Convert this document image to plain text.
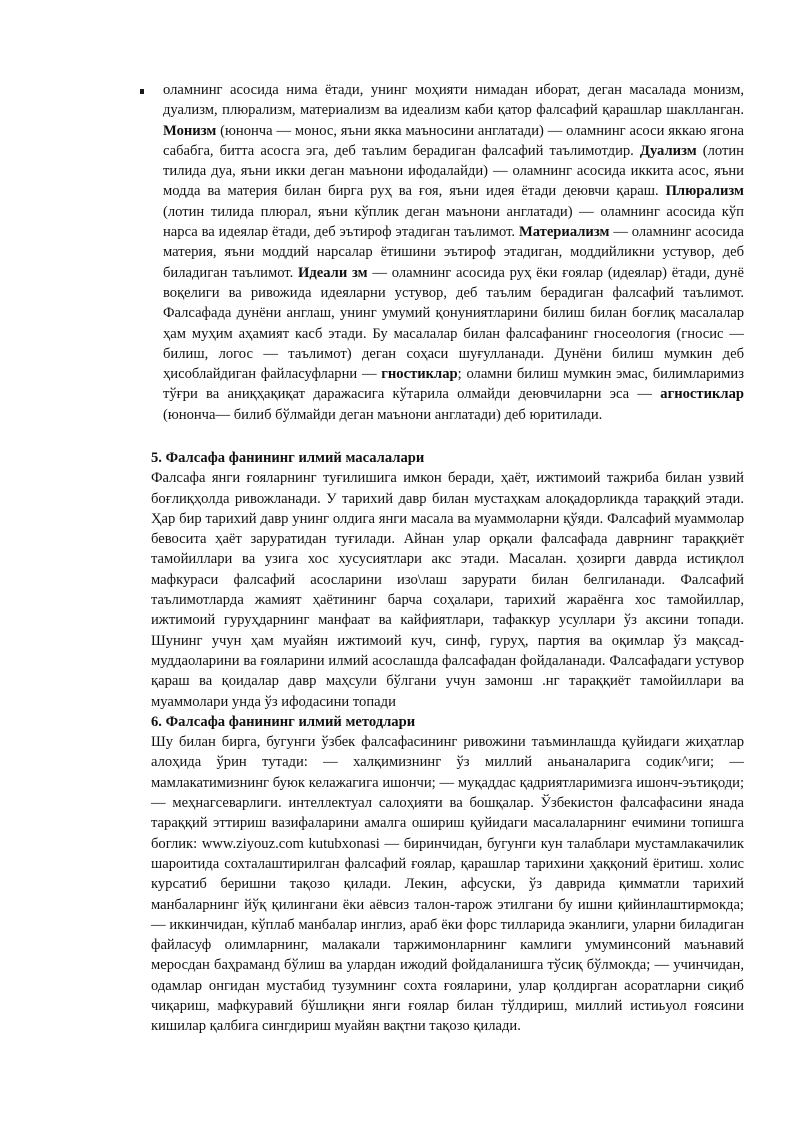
оламнинг асосида нима ётади, унинг моҳияти нимадан иборат, деган масалада монизм, дуализм, плюрализм, материализм ва идеализм каби қатор фалсафий қарашлар шаклланган. Монизм (юнонча — монос, яъни якка маъносини англатади) — оламнинг асоси яккаю ягона сабабга, битта асосга эга, деб таълим берадиган фалсафий таълимотдир. Дуализм (лотин тилида дуа, яъни икки деган маънони ифодалайди) — оламнинг асосида иккита асос, яъни модда ва материя билан бирга руҳ ва ғоя, яъни идея ётади деювчи қараш. Плюрализм (лотин тилида плюрал, яъни кўплик деган маънони англатади) — оламнинг асосида кўп нарса ва идеялар ётади, деб эътироф этадиган таълимот. Материализм — оламнинг асосида материя, яъни моддий нарсалар ётишини эътироф этадиган, моддийликни устувор, деб биладиган таълимот. Идеали зм — оламнинг асосида руҳ ёки ғоялар (идеялар) ётади, дунё воқелиги ва ривожида идеяларни устувор, деб таълим берадиган фалсафий таълимот. Фалсафада дунёни англаш, унинг умумий қонуниятларини билиш билан боғлиқ масалалар ҳам муҳим аҳамият касб этади. Бу масалалар билан фалсафанинг гносеология (гносис — билиш, логос — таълимот) деган соҳаси шуғулланади. Дунёни билиш мумкин деб ҳисоблайдиган файласуфларни — гностиклар; оламни билиш мумкин эмас, билимларимиз тўғри ва аниқҳақиқат даражасига кўтарила олмайди деювчиларни эса — агностиклар (юнонча— билиб бўлмайди деган маънони англатади) деб юритилади.

5. Фалсафа фанининг илмий масалалари

Фалсафа янги ғояларнинг туғилишига имкон беради, ҳаёт, ижтимоий тажриба билан узвий боғлиқҳолда ривожланади. У тарихий давр билан мустаҳкам алоқадорликда тараққий этади. Ҳар бир тарихий давр унинг олдига янги масала ва муаммоларни қўяди. Фалсафий муаммолар бевосита ҳаёт заруратидан туғилади. Айнан улар орқали фалсафада даврнинг тараққиёт тамойиллари ва узига хос хусусиятлари акс этади. Масалан. ҳозирги даврда истиқлол мафкураси фалсафий асосларини изо\лаш зарурати билан белгиланади. Фалсафий таълимотларда жамият ҳаётининг барча соҳалари, тарихий жараёнга хос тамойиллар, ижтимоий гуруҳдарнинг манфаат ва кайфиятлари, тафаккур усуллари ўз аксини топади. Шунинг учун ҳам муайян ижтимоий куч, синф, гуруҳ, партия ва оқимлар ўз мақсад-муддаоларини ва ғояларини илмий асослашда фалсафадан фойдаланади. Фалсафадаги устувор қараш ва қоидалар давр маҳсули бўлгани учун замонш .нг тараққиёт тамойиллари ва муаммолари унда ўз ифодасини топади

6. Фалсафа фанининг илмий методлари

Шу билан бирга, бугунги ўзбек фалсафасининг ривожини таъминлашда қуйидаги жиҳатлар алоҳида ўрин тутади: — халқимизнинг ўз миллий аньаналарига содик^иги; — мамлакатимизнинг буюк келажагига ишончи; — муқаддас қадриятларимизга ишонч-эътиқоди; — меҳнагсеварлиги. интеллектуал салоҳияти ва бошқалар. Ўзбекистон фалсафасини янада тараққий эттириш вазифаларини амалга ошириш қуйидаги масалаларнинг ечимини топишга боглик: www.ziyouz.com kutubxonasi — биринчидан, бугунги кун талаблари мустамлакачилик шароитида сохталаштирилган фалсафий ғоялар, қарашлар тарихини ҳаққоний ёритиш. холис курсатиб беришни тақозо қилади. Лекин, афсуски, ўз даврида қимматли тарихий манбаларнинг йўқ қилингани ёки аёвсиз талон-тарож этилгани бу ишни қийинлаштирмокда; — иккинчидан, кўплаб манбалар инглиз, араб ёки форс тилларида эканлиги, уларни биладиган файласуф олимларнинг, малакали таржимонларнинг камлиги умуминсоний маънавий меросдан баҳраманд бўлиш ва улардан ижодий фойдаланишга тўсиқ бўлмокда; — учинчидан, одамлар онгидан мустабид тузумнинг сохта ғояларини, улар қолдирган асоратларни сиқиб чиқариш, мафкуравий бўшлиқни янги ғоялар билан тўлдириш, миллий истиьуол ғоясини кишилар қалбига сингдириш муайян вақтни тақозо қилади.
